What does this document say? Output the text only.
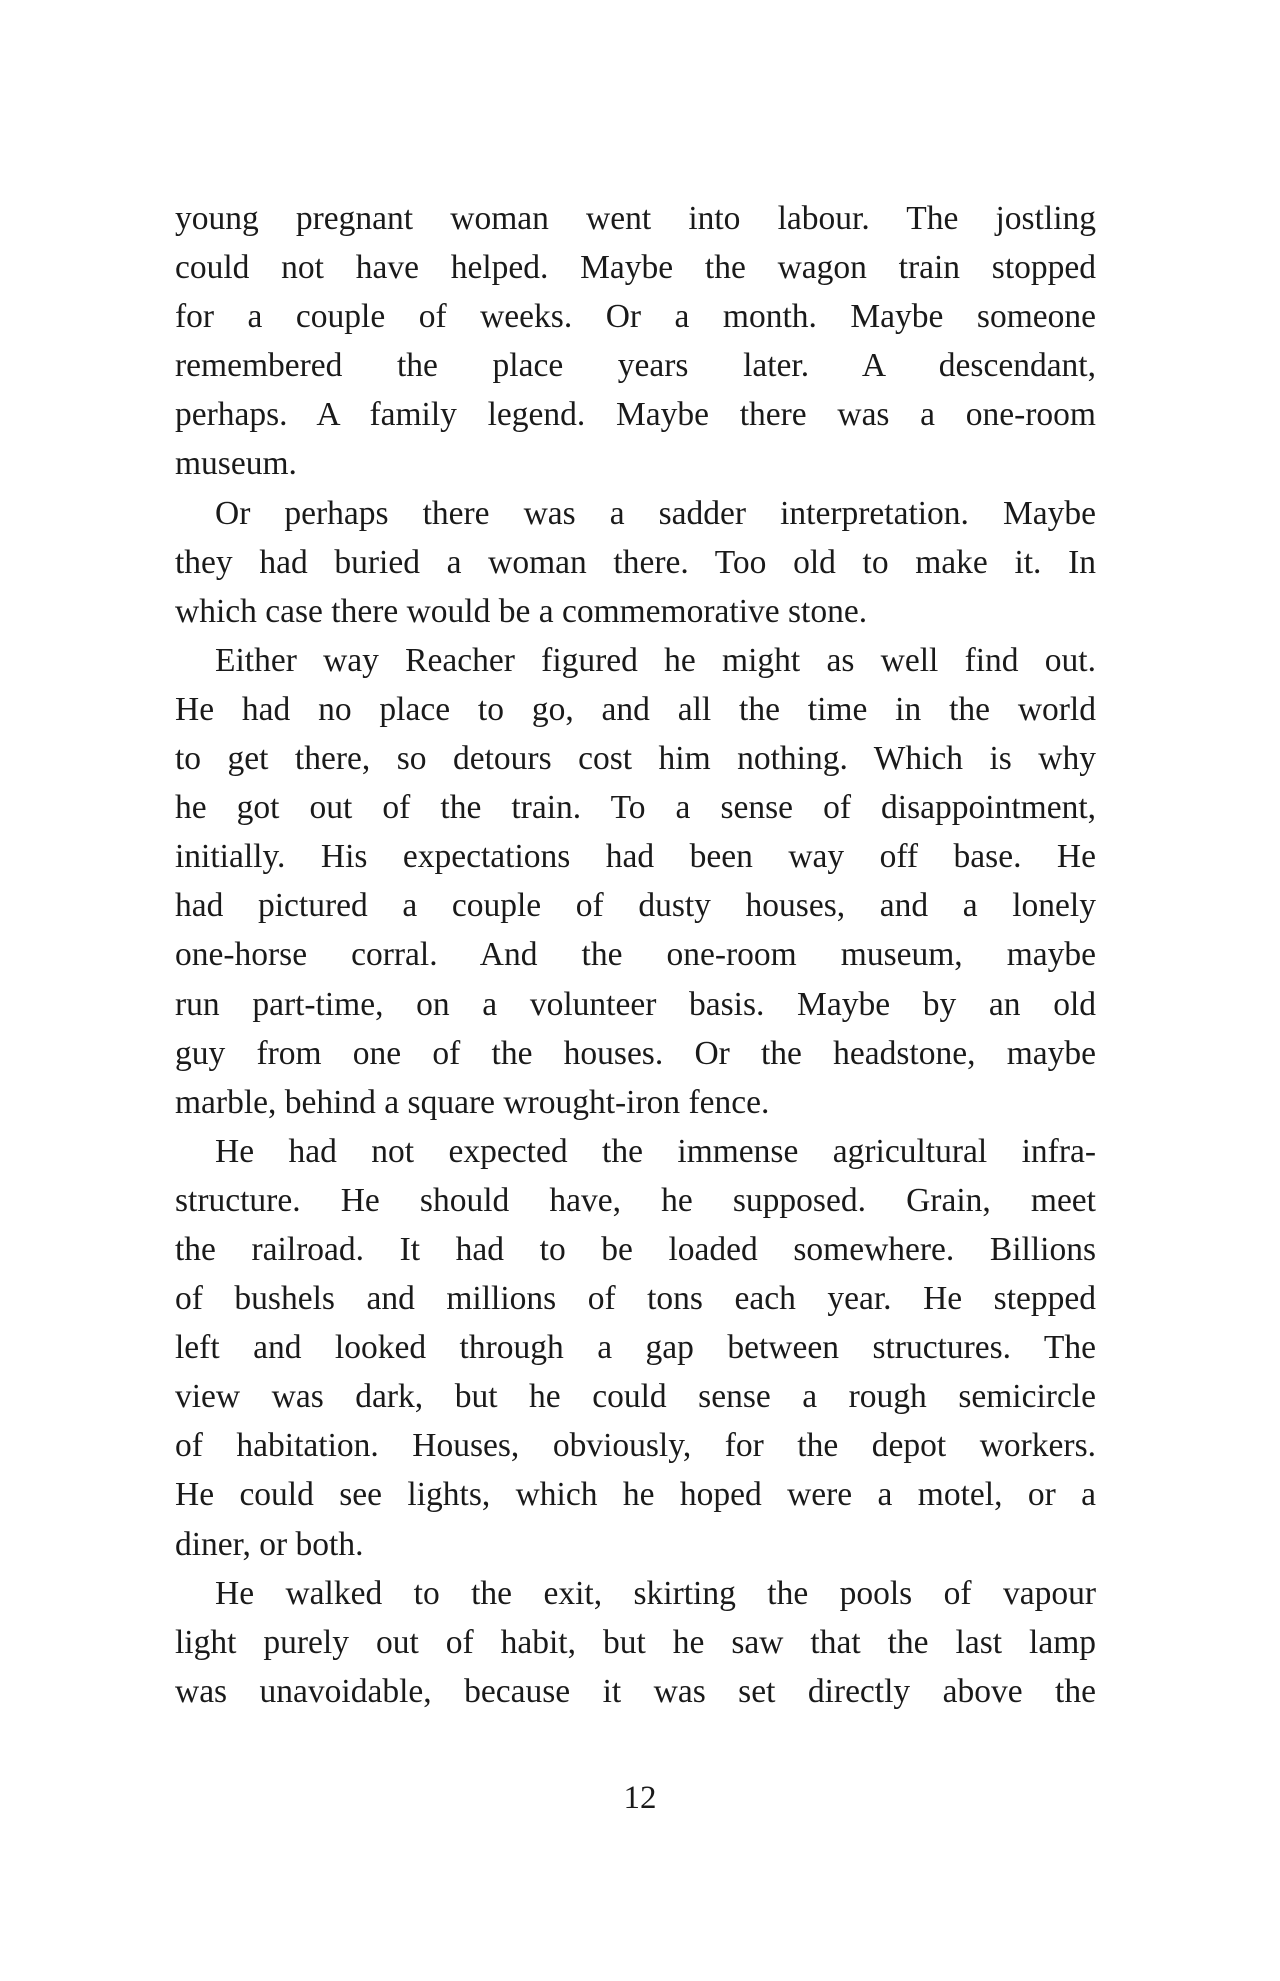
young pregnant woman went into labour. The jostling
could not have helped. Maybe the wagon train stopped
for a couple of weeks. Or a month. Maybe someone
remembered the place years later. A descendant,
perhaps. A family legend. Maybe there was a one-room
museum.
Or perhaps there was a sadder interpretation. Maybe
they had buried a woman there. Too old to make it. In
which case there would be a commemorative stone.
Either way Reacher figured he might as well find out.
He had no place to go, and all the time in the world
to get there, so detours cost him nothing. Which is why
he got out of the train. To a sense of disappointment,
initially. His expectations had been way off base. He
had pictured a couple of dusty houses, and a lonely
one-horse corral. And the one-room museum, maybe
run part-time, on a volunteer basis. Maybe by an old
guy from one of the houses. Or the headstone, maybe
marble, behind a square wrought-iron fence.
He had not expected the immense agricultural infra-
structure. He should have, he supposed. Grain, meet
the railroad. It had to be loaded somewhere. Billions
of bushels and millions of tons each year. He stepped
left and looked through a gap between structures. The
view was dark, but he could sense a rough semicircle
of habitation. Houses, obviously, for the depot workers.
He could see lights, which he hoped were a motel, or a
diner, or both.
He walked to the exit, skirting the pools of vapour
light purely out of habit, but he saw that the last lamp
was unavoidable, because it was set directly above the
12
